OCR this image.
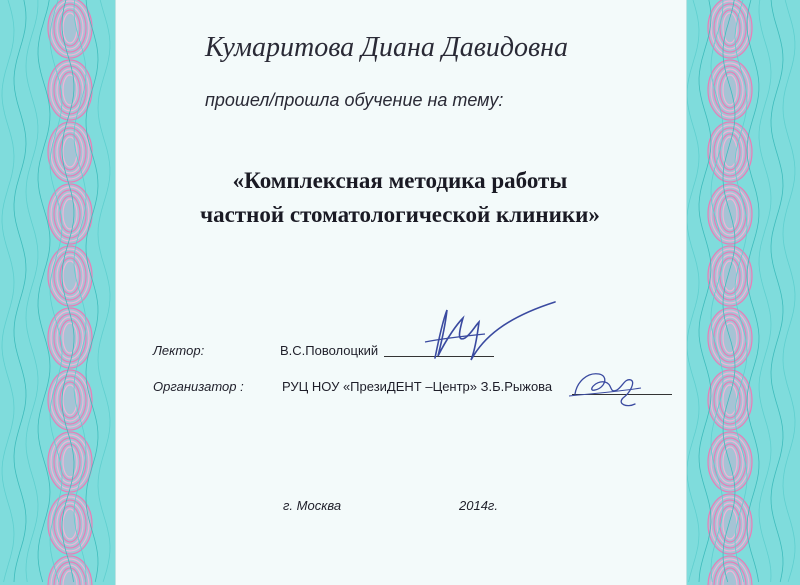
Кумаритова Диана Давидовна
прошел/прошла обучение на тему:
«Комплексная методика работы
частной стоматологической клиники»
Лектор:	В.С.Поволоцкий
Организатор :	РУЦ НОУ «ПрезиДЕНТ –Центр» З.Б.Рыжова
г. Москва	2014г.
